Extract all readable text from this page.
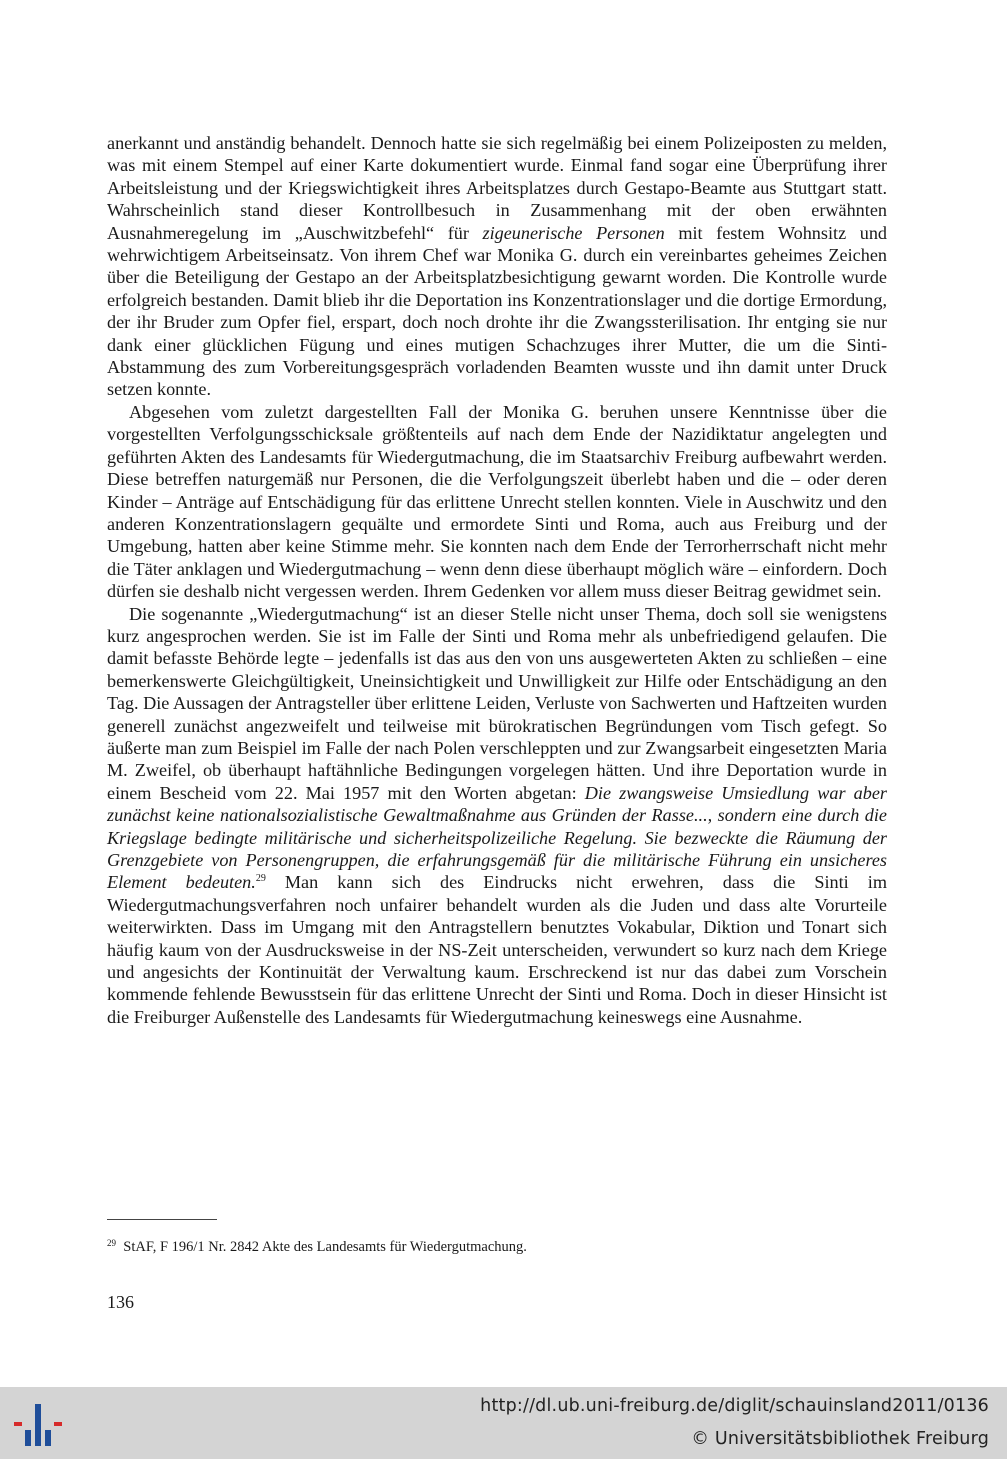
anerkannt und anständig behandelt. Dennoch hatte sie sich regelmäßig bei einem Polizeiposten zu melden, was mit einem Stempel auf einer Karte dokumentiert wurde. Einmal fand sogar eine Überprüfung ihrer Arbeitsleistung und der Kriegswichtigkeit ihres Arbeitsplatzes durch Gestapo-Beamte aus Stuttgart statt. Wahrscheinlich stand dieser Kontrollbesuch in Zusammenhang mit der oben erwähnten Ausnahmeregelung im „Auschwitzbefehl“ für zigeunerische Personen mit festem Wohnsitz und wehrwichtigem Arbeitseinsatz. Von ihrem Chef war Monika G. durch ein vereinbartes geheimes Zeichen über die Beteiligung der Gestapo an der Arbeitsplatzbesichtigung gewarnt worden. Die Kontrolle wurde erfolgreich bestanden. Damit blieb ihr die Deportation ins Konzentrationslager und die dortige Ermordung, der ihr Bruder zum Opfer fiel, erspart, doch noch drohte ihr die Zwangssterilisation. Ihr entging sie nur dank einer glücklichen Fügung und eines mutigen Schachzuges ihrer Mutter, die um die Sinti-Abstammung des zum Vorbereitungsgespräch vorladenden Beamten wusste und ihn damit unter Druck setzen konnte.

Abgesehen vom zuletzt dargestellten Fall der Monika G. beruhen unsere Kenntnisse über die vorgestellten Verfolgungsschicksale größtenteils auf nach dem Ende der Nazidiktatur angelegten und geführten Akten des Landesamts für Wiedergutmachung, die im Staatsarchiv Freiburg aufbewahrt werden. Diese betreffen naturgemäß nur Personen, die die Verfolgungszeit überlebt haben und die – oder deren Kinder – Anträge auf Entschädigung für das erlittene Unrecht stellen konnten. Viele in Auschwitz und den anderen Konzentrationslagern gequälte und ermordete Sinti und Roma, auch aus Freiburg und der Umgebung, hatten aber keine Stimme mehr. Sie konnten nach dem Ende der Terrorherrschaft nicht mehr die Täter anklagen und Wiedergutmachung – wenn denn diese überhaupt möglich wäre – einfordern. Doch dürfen sie deshalb nicht vergessen werden. Ihrem Gedenken vor allem muss dieser Beitrag gewidmet sein.

Die sogenannte „Wiedergutmachung“ ist an dieser Stelle nicht unser Thema, doch soll sie wenigstens kurz angesprochen werden. Sie ist im Falle der Sinti und Roma mehr als unbefriedigend gelaufen. Die damit befasste Behörde legte – jedenfalls ist das aus den von uns ausgewerteten Akten zu schließen – eine bemerkenswerte Gleichgültigkeit, Uneinsichtigkeit und Unwilligkeit zur Hilfe oder Entschädigung an den Tag. Die Aussagen der Antragsteller über erlittene Leiden, Verluste von Sachwerten und Haftzeiten wurden generell zunächst angezweifelt und teilweise mit bürokratischen Begründungen vom Tisch gefegt. So äußerte man zum Beispiel im Falle der nach Polen verschleppten und zur Zwangsarbeit eingesetzten Maria M. Zweifel, ob überhaupt haftähnliche Bedingungen vorgelegen hätten. Und ihre Deportation wurde in einem Bescheid vom 22. Mai 1957 mit den Worten abgetan: Die zwangsweise Umsiedlung war aber zunächst keine nationalsozialistische Gewaltmaßnahme aus Gründen der Rasse..., sondern eine durch die Kriegslage bedingte militärische und sicherheitspolizeiliche Regelung. Sie bezweckte die Räumung der Grenzgebiete von Personengruppen, die erfahrungsgemäß für die militärische Führung ein unsicheres Element bedeuten.$^{29}$ Man kann sich des Eindrucks nicht erwehren, dass die Sinti im Wiedergutmachungsverfahren noch unfairer behandelt wurden als die Juden und dass alte Vorurteile weiterwirkten. Dass im Umgang mit den Antragstellern benutztes Vokabular, Diktion und Tonart sich häufig kaum von der Ausdrucksweise in der NS-Zeit unterscheiden, verwundert so kurz nach dem Kriege und angesichts der Kontinuität der Verwaltung kaum. Erschreckend ist nur das dabei zum Vorschein kommende fehlende Bewusstsein für das erlittene Unrecht der Sinti und Roma. Doch in dieser Hinsicht ist die Freiburger Außenstelle des Landesamts für Wiedergutmachung keineswegs eine Ausnahme.

$^{29}$ StAF, F 196/1 Nr. 2842 Akte des Landesamts für Wiedergutmachung.
136
http://dl.ub.uni-freiburg.de/diglit/schauinsland2011/0136
© Universitätsbibliothek Freiburg
